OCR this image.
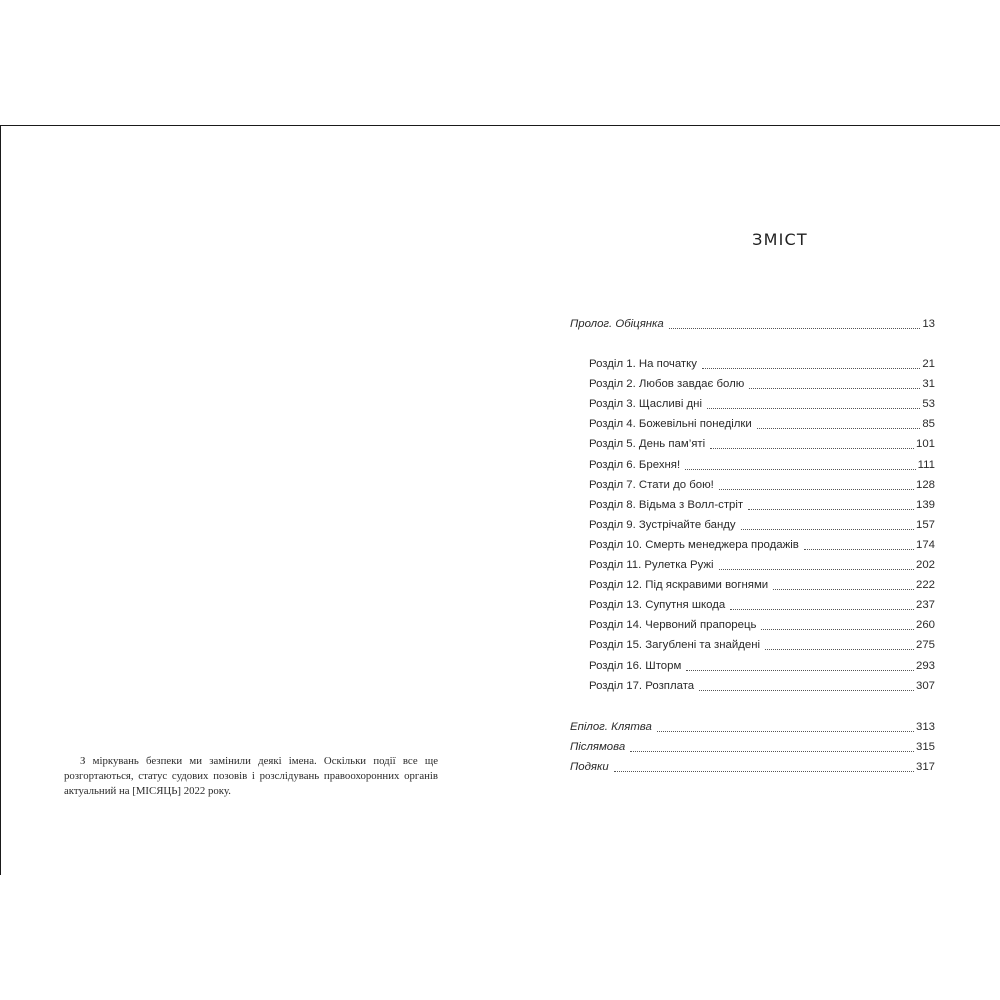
З міркувань безпеки ми замінили деякі імена. Оскільки події все ще розгортаються, статус судових позовів і розслідувань правоохоронних органів актуальний на [МІСЯЦЬ] 2022 року.

ЗМІСТ
Пролог. Обіцянка	13
Розділ 1. На початку	21
Розділ 2. Любов завдає болю	31
Розділ 3. Щасливі дні	53
Розділ 4. Божевільні понеділки	85
Розділ 5. День пам’яті	101
Розділ 6. Брехня!	111
Розділ 7. Стати до бою!	128
Розділ 8. Відьма з Волл-стріт	139
Розділ 9. Зустрічайте банду	157
Розділ 10. Смерть менеджера продажів	174
Розділ 11. Рулетка Ружі	202
Розділ 12. Під яскравими вогнями	222
Розділ 13. Супутня шкода	237
Розділ 14. Червоний прапорець	260
Розділ 15. Загублені та знайдені	275
Розділ 16. Шторм	293
Розділ 17. Розплата	307
Епілог. Клятва	313
Післямова	315
Подяки	317
